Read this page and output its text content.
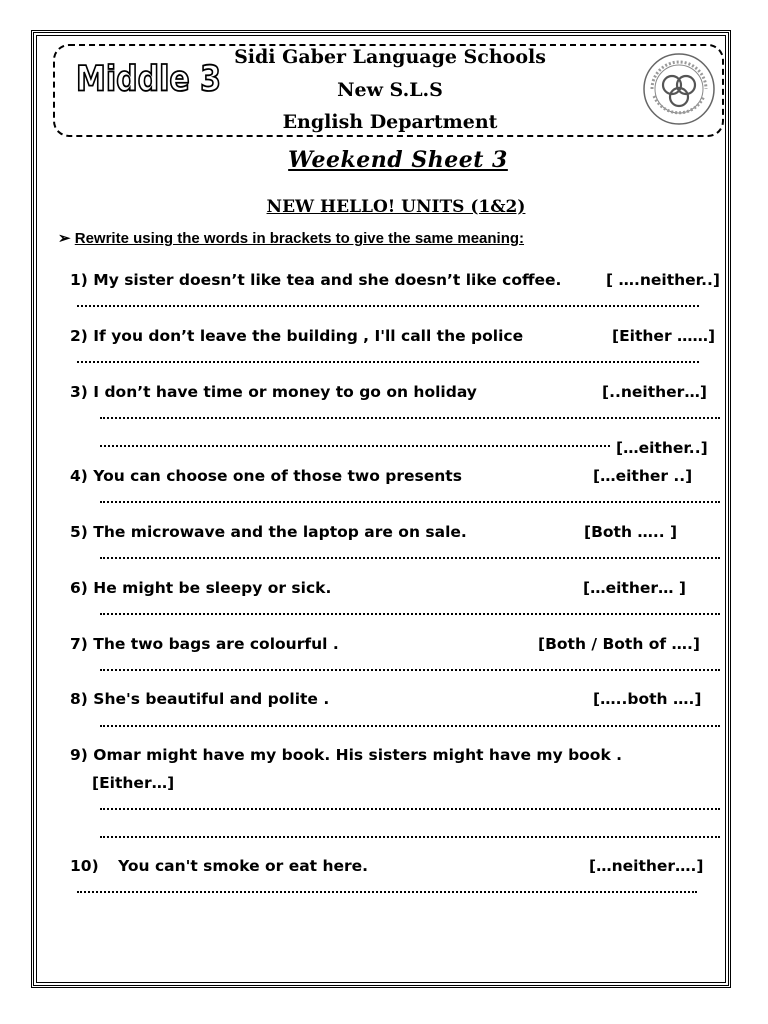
Middle 3
Sidi Gaber Language Schools
New S.L.S
English Department
Weekend Sheet 3
NEW HELLO! UNITS (1&2)
➢ Rewrite using the words in brackets to give the same meaning:
1) My sister doesn’t like tea and she doesn’t like coffee.	[ ….neither..]
2) If you don’t leave the building , I'll call the police	[Either ……]
3) I don’t have time or money to go on holiday	[..neither…]
[…either..]
4) You can choose one of those two presents	[…either ..]
5) The microwave and the laptop are on sale.	[Both ….. ]
6) He might be sleepy or sick.	[…either… ]
7) The two bags are colourful .	[Both / Both of ….]
8) She's beautiful and polite .	[…..both ….]
9) Omar might have my book. His sisters might have my book .
[Either…]
10) You can't smoke or eat here.	[…neither….]
